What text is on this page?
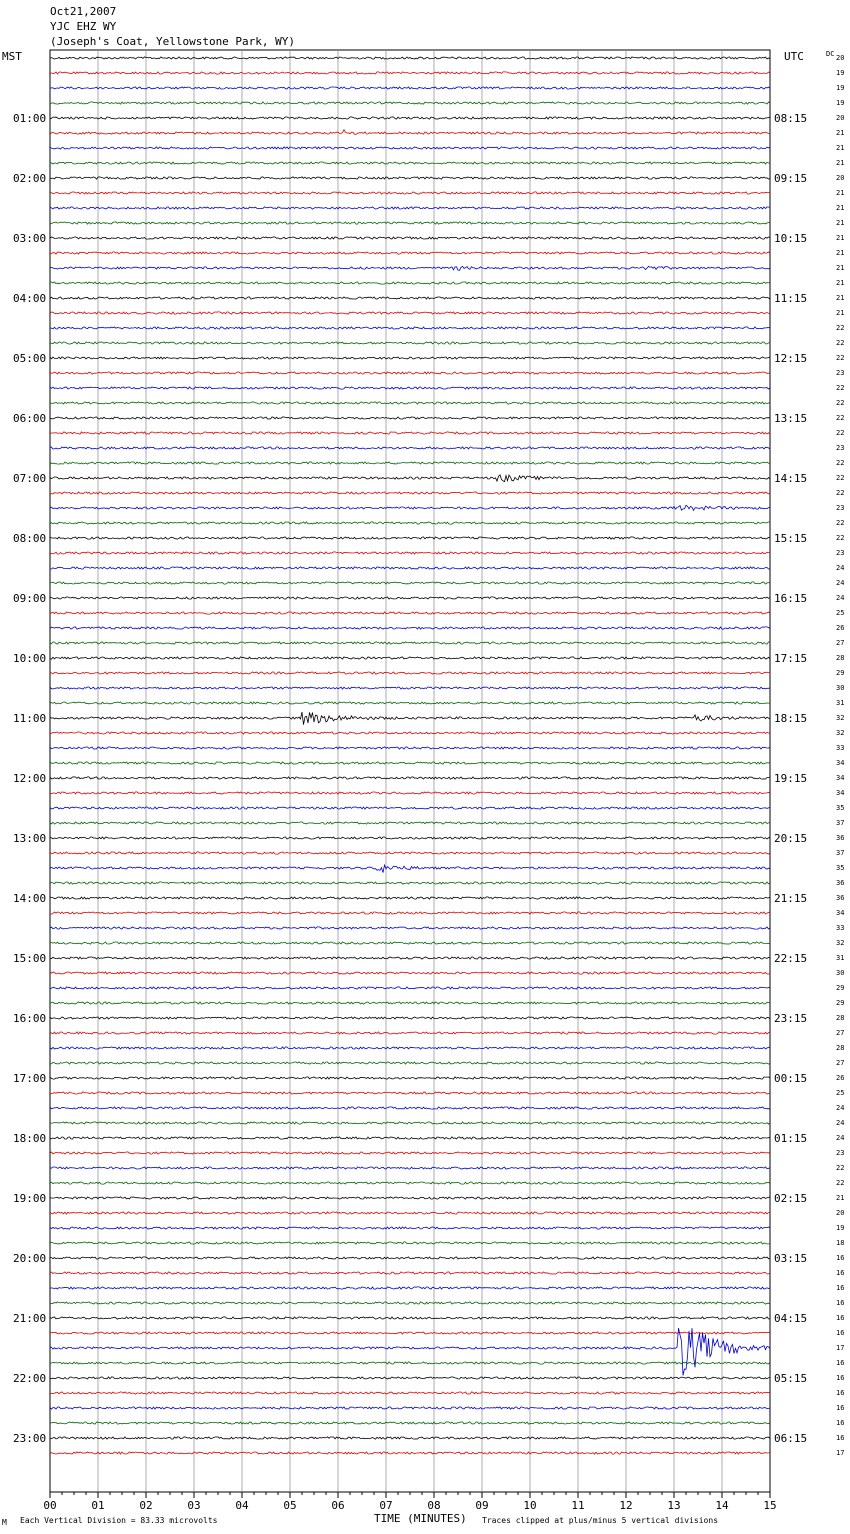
Oct21,2007
YJC EHZ WY
(Joseph's Coat, Yellowstone Park, WY)
MST	UTC	DC 20
19
19
19
20
21
21
21
20
21
21
21
21
21
21
21
21
21
22
22
22
23
22
22
22
22
23
22
22
22
23
22
22
23
24
24
24
25
26
27
28
29
30
31
32
32
33
34
34
34
35
37
36
37
35
36
36
34
33
32
31
30
29
29
28
27
28
27
26
25
24
24
24
23
22
22
21
20
19
18
16
16
16
16
16
16
17
16
16
16
16
16
16
17
01:00	08:15
02:00	09:15
03:00	10:15
04:00	11:15
05:00	12:15
06:00	13:15
07:00	14:15
08:00	15:15
09:00	16:15
10:00	17:15
11:00	18:15
12:00	19:15
13:00	20:15
14:00	21:15
15:00	22:15
16:00	23:15
17:00	00:15
18:00	01:15
19:00	02:15
20:00	03:15
21:00	04:15
22:00	05:15
23:00	06:15
00	01	02	03	04	05	06	07	08	09	10	11	12	13	14	15
M Each Vertical Division = 83.33 microvolts	TIME (MINUTES) Traces clipped at plus/minus 5 vertical divisions
